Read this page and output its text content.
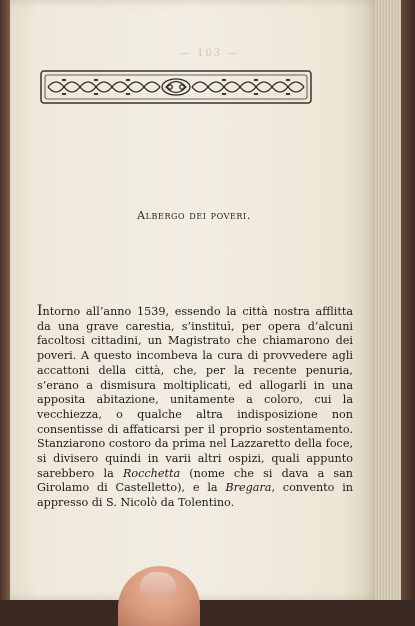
— 103 —
Albergo dei poveri.

Intorno all’anno 1539, essendo la città nostra afflitta da una grave carestia, s’instituì, per opera d’alcuni facoltosi cittadini, un Magistrato che chiamarono dei poveri. A questo incombeva la cura di provvedere agli accattoni della città, che, per la recente penuria, s’erano a dismisura moltiplicati, ed allogarli in una apposita abitazione, unitamente a coloro, cui la vecchiezza, o qualche altra indisposizione non consentisse di affaticarsi per il proprio sostentamento. Stanziarono costoro da prima nel Lazzaretto della foce, si divisero quindi in varii altri ospizi, quali appunto sarebbero la Rocchetta (nome che si dava a san Girolamo di Castelletto), e la Bregara, convento in appresso di S. Nicolò da Tolentino.
